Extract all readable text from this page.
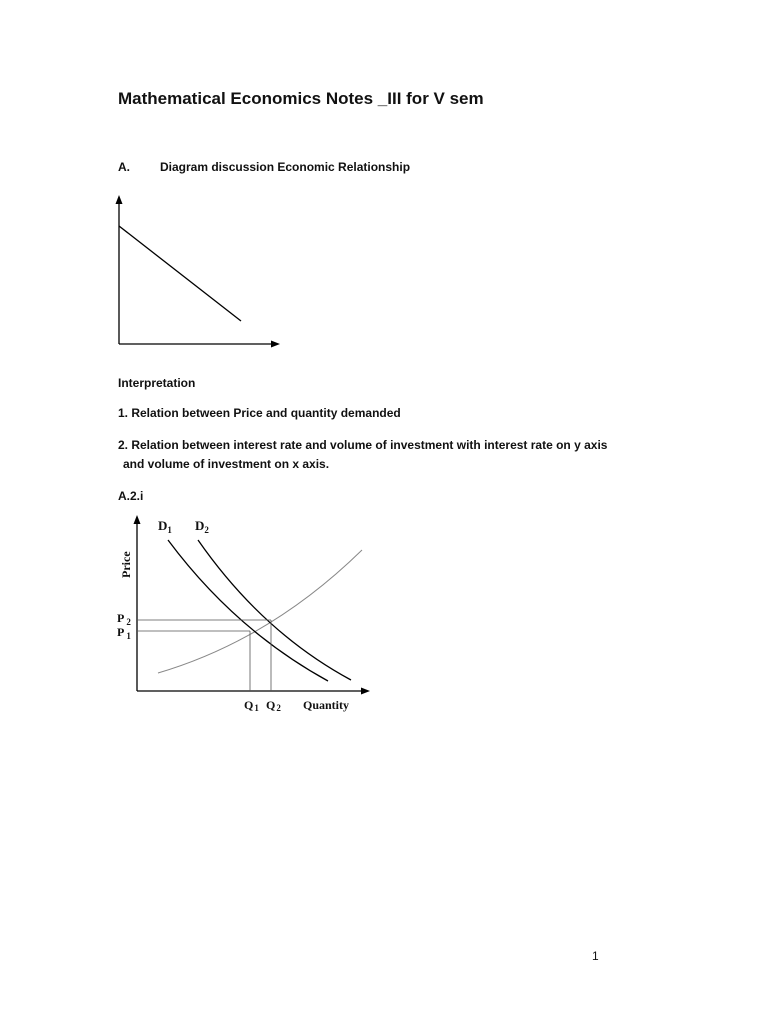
Mathematical Economics Notes _III for V sem
A.	Diagram discussion Economic Relationship
Interpretation
1. Relation between Price and quantity demanded
2. Relation between interest rate and volume of investment with interest rate on y axis
and volume of investment on x axis.
A.2.i
Price
$D_1$ $D_2$
P $_2$
P $_1$
Q1 Q2 Quantity
1
